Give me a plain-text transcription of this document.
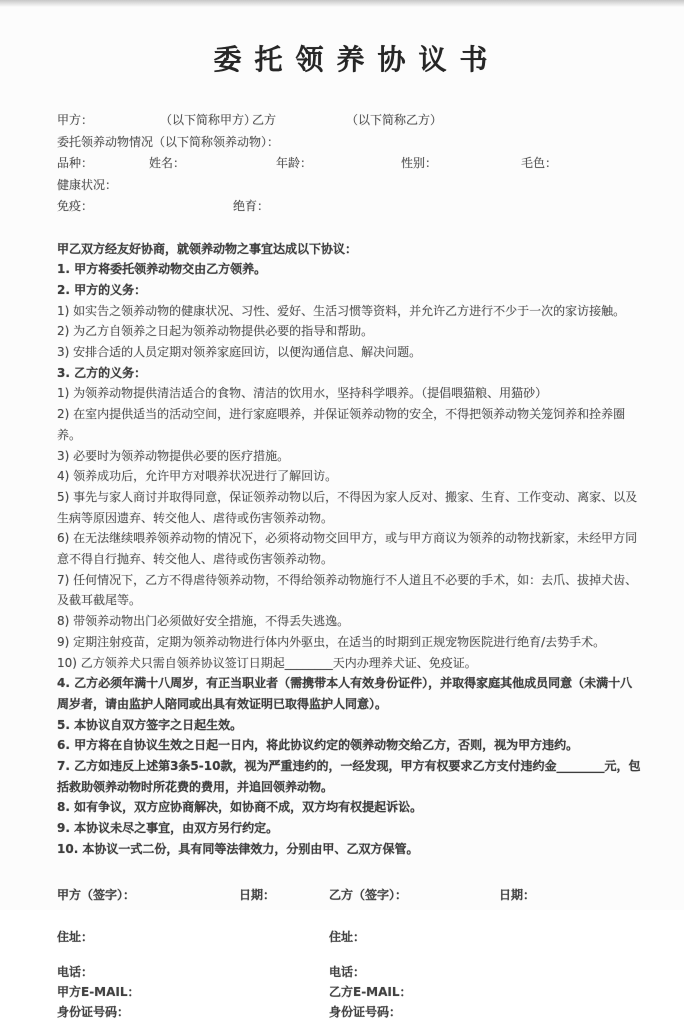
委托领养协议书
甲方：	（以下简称甲方）乙方	（以下简称乙方）
委托领养动物情况（以下简称领养动物）：
品种：	姓名：	年龄：	性别：	毛色：
健康状况：
免疫：	绝育：

甲乙双方经友好协商，就领养动物之事宜达成以下协议：

1. 甲方将委托领养动物交由乙方领养。

2. 甲方的义务：

1) 如实告之领养动物的健康状况、习性、爱好、生活习惯等资料，并允许乙方进行不少于一次的家访接触。

2) 为乙方自领养之日起为领养动物提供必要的指导和帮助。

3) 安排合适的人员定期对领养家庭回访，以便沟通信息、解决问题。

3. 乙方的义务：

1) 为领养动物提供清洁适合的食物、清洁的饮用水，坚持科学喂养。（提倡喂猫粮、用猫砂）

2) 在室内提供适当的活动空间，进行家庭喂养，并保证领养动物的安全，不得把领养动物关笼饲养和拴养圈养。

3) 必要时为领养动物提供必要的医疗措施。

4) 领养成功后，允许甲方对喂养状况进行了解回访。

5) 事先与家人商讨并取得同意，保证领养动物以后，不得因为家人反对、搬家、生育、工作变动、离家、以及生病等原因遗弃、转交他人、虐待或伤害领养动物。

6) 在无法继续喂养领养动物的情况下，必须将动物交回甲方，或与甲方商议为领养的动物找新家，未经甲方同意不得自行抛弃、转交他人、虐待或伤害领养动物。

7) 任何情况下，乙方不得虐待领养动物，不得给领养动物施行不人道且不必要的手术，如：去爪、拔掉犬齿、及截耳截尾等。

8) 带领养动物出门必须做好安全措施，不得丢失逃逸。

9) 定期注射疫苗，定期为领养动物进行体内外驱虫，在适当的时期到正规宠物医院进行绝育/去势手术。

10) 乙方领养犬只需自领养协议签订日期起________天内办理养犬证、免疫证。

4. 乙方必须年满十八周岁，有正当职业者（需携带本人有效身份证件），并取得家庭其他成员同意（未满十八周岁者，请由监护人陪同或出具有效证明已取得监护人同意）。

5. 本协议自双方签字之日起生效。

6. 甲方将在自协议生效之日起一日内，将此协议约定的领养动物交给乙方，否则，视为甲方违约。

7. 乙方如违反上述第3条5-10款，视为严重违约的，一经发现，甲方有权要求乙方支付违约金________元，包括救助领养动物时所花费的费用，并追回领养动物。

8. 如有争议，双方应协商解决，如协商不成，双方均有权提起诉讼。

9. 本协议未尽之事宜，由双方另行约定。

10. 本协议一式二份，具有同等法律效力，分别由甲、乙双方保管。

甲方（签字）：	日期：	乙方（签字）：	日期：
住址：	住址：
电话：	电话：
甲方E-MAIL：	乙方E-MAIL：
身份证号码：	身份证号码：
